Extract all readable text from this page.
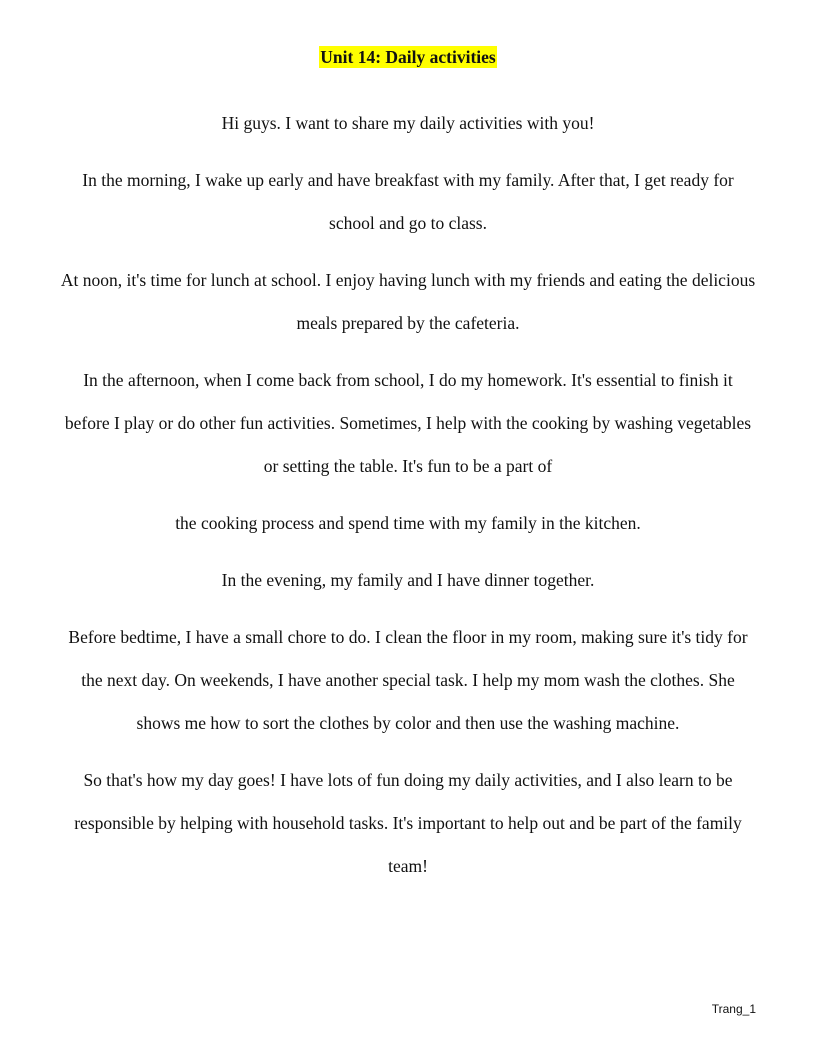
Unit 14: Daily activities

Hi guys. I want to share my daily activities with you!

In the morning, I wake up early and have breakfast with my family. After that, I get ready for school and go to class.

At noon, it's time for lunch at school. I enjoy having lunch with my friends and eating the delicious meals prepared by the cafeteria.

In the afternoon, when I come back from school, I do my homework. It's essential to finish it before I play or do other fun activities. Sometimes, I help with the cooking by washing vegetables or setting the table. It's fun to be a part of

the cooking process and spend time with my family in the kitchen.

In the evening, my family and I have dinner together.

Before bedtime, I have a small chore to do. I clean the floor in my room, making sure it's tidy for the next day. On weekends, I have another special task. I help my mom wash the clothes. She shows me how to sort the clothes by color and then use the washing machine.

So that's how my day goes! I have lots of fun doing my daily activities, and I also learn to be responsible by helping with household tasks. It's important to help out and be part of the family team!

Trang_1
